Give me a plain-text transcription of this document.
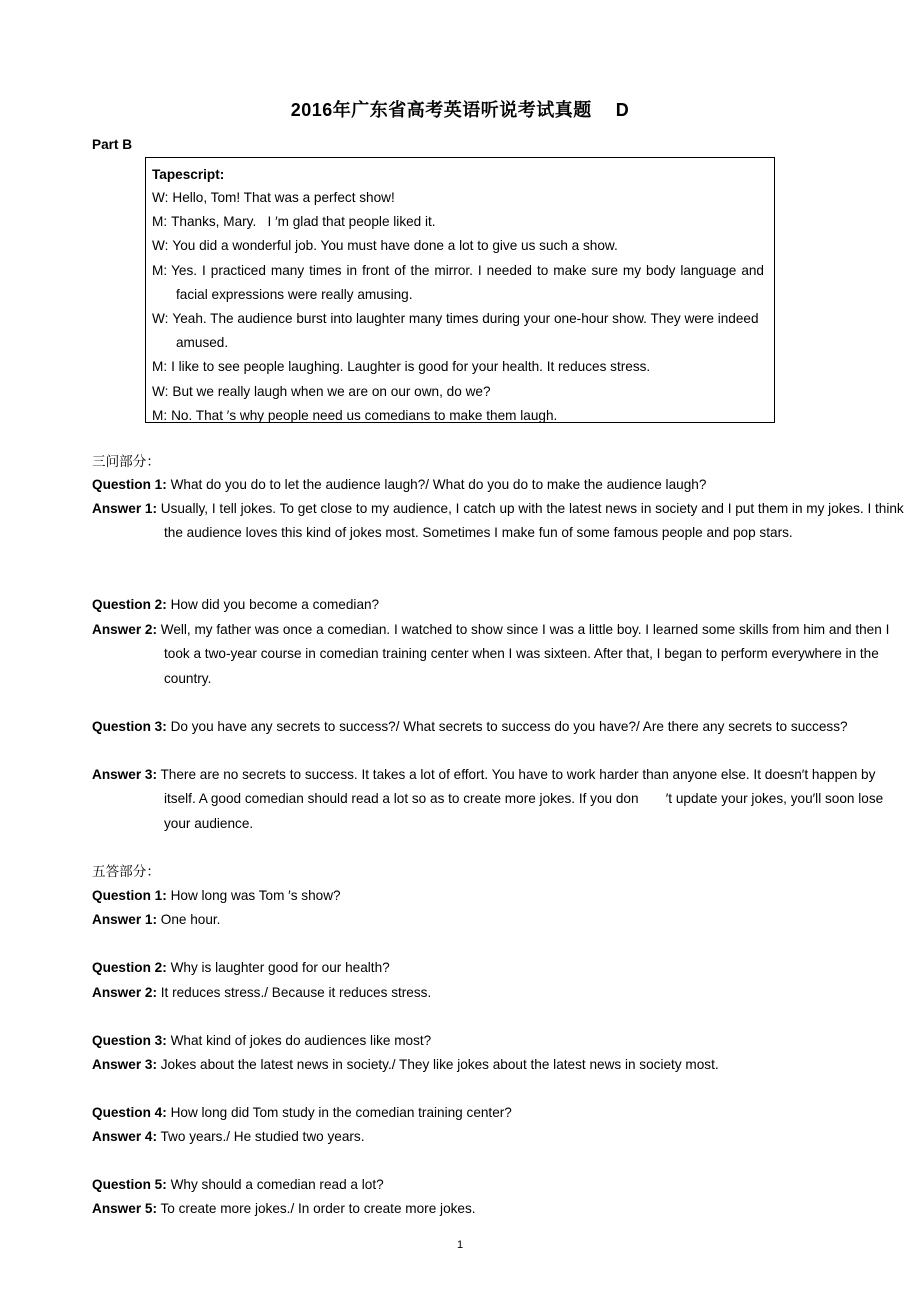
2016年广东省高考英语听说考试真题 D
Part B
Tapescript:
W: Hello, Tom! That was a perfect show!
M: Thanks, Mary.   I ′m glad that people liked it.
W: You did a wonderful job. You must have done a lot to give us such a show.
M: Yes. I practiced many times in front of the mirror. I needed to make sure my body language and facial expressions were really amusing.
W: Yeah. The audience burst into laughter many times during your one-hour show. They were indeed amused.
M: I like to see people laughing. Laughter is good for your health. It reduces stress.
W: But we really laugh when we are on our own, do we?
M: No. That ′s why people need us comedians to make them laugh.
三问部分：
Question 1: What do you do to let the audience laugh?/ What do you do to make the audience laugh?
Answer 1: Usually, I tell jokes. To get close to my audience, I catch up with the latest news in society and I put them in my jokes. I think the audience loves this kind of jokes most. Sometimes I make fun of some famous people and pop stars.
Question 2: How did you become a comedian?
Answer 2: Well, my father was once a comedian. I watched to show since I was a little boy. I learned some skills from him and then I took a two-year course in comedian training center when I was sixteen. After that, I began to perform everywhere in the country.
Question 3: Do you have any secrets to success?/ What secrets to success do you have?/ Are there any secrets to success?
Answer 3: There are no secrets to success. It takes a lot of effort. You have to work harder than anyone else. It doesn′t happen by itself. A good comedian should read a lot so as to create more jokes. If you don  ′t update your jokes, you′ll soon lose your audience.
五答部分：
Question 1: How long was Tom ′s show?
Answer 1: One hour.
Question 2: Why is laughter good for our health?
Answer 2: It reduces stress./ Because it reduces stress.
Question 3: What kind of jokes do audiences like most?
Answer 3: Jokes about the latest news in society./ They like jokes about the latest news in society most.
Question 4: How long did Tom study in the comedian training center?
Answer 4: Two years./ He studied two years.
Question 5: Why should a comedian read a lot?
Answer 5: To create more jokes./ In order to create more jokes.
1
